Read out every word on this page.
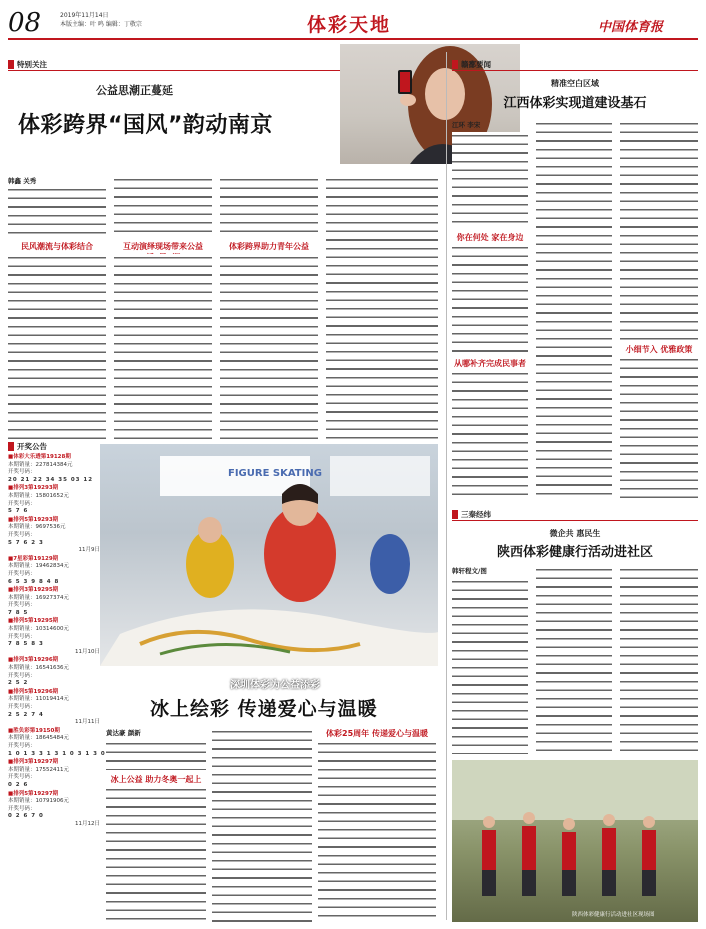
08	2019年11月14日
本版主编：叶 鸣 编辑：丁敬宗	体彩天地	中国体育报
特别关注
公益思潮正蔓延
体彩跨界“国风”韵动南京
韩鑫 关秀
民风潮流与体彩结合	互动演绎现场带来公益	体彩跨界助力青年公益
开奖公告
■体彩大乐透第19128期
本期销量：227814384元
开奖号码：
20 21 22 34 35 03 12
■排列3第19293期
本期销量：15801652元
开奖号码：
5 7 6
■排列5第19293期
本期销量：9697536元
开奖号码：
5 7 6 2 3
11月9日
■7星彩第19129期
本期销量：19462834元
开奖号码：
6 5 3 9 8 4 8
■排列3第19295期
本期销量：16927374元
开奖号码：
7 8 5
■排列5第19295期
本期销量：10314600元
开奖号码：
7 8 5 8 3
11月10日
■排列3第19296期
本期销量：16541636元
开奖号码：
2 5 2
■排列5第19296期
本期销量：11019414元
开奖号码：
2 5 2 7 4
11月11日
■胜负彩第19150期
本期销量：18645484元
开奖号码：
1 0 1 3 3 1 3 1 0 3 1 3 0
■排列3第19297期
本期销量：17552411元
开奖号码：
0 2 6
■排列5第19297期
本期销量：10791906元
开奖号码：
0 2 6 7 0
11月12日
FIGURE SKATING
深圳体彩为公益添彩
冰上绘彩 传递爱心与温暖
黄达豪 颜新
冰上公益 助力冬奥一起上
体彩25周年 传递爱心与温暖
赣鄱要闻
精准空白区域
江西体彩实现道建设基石
江环 李宋
你在何处 家在身边
从哪补齐完成民事者
小细节入 优雅政策
三秦经纬
微企共 惠民生
陕西体彩健康行活动进社区
韩轩程文/图
陕西体彩健康行活动进社区现场图
